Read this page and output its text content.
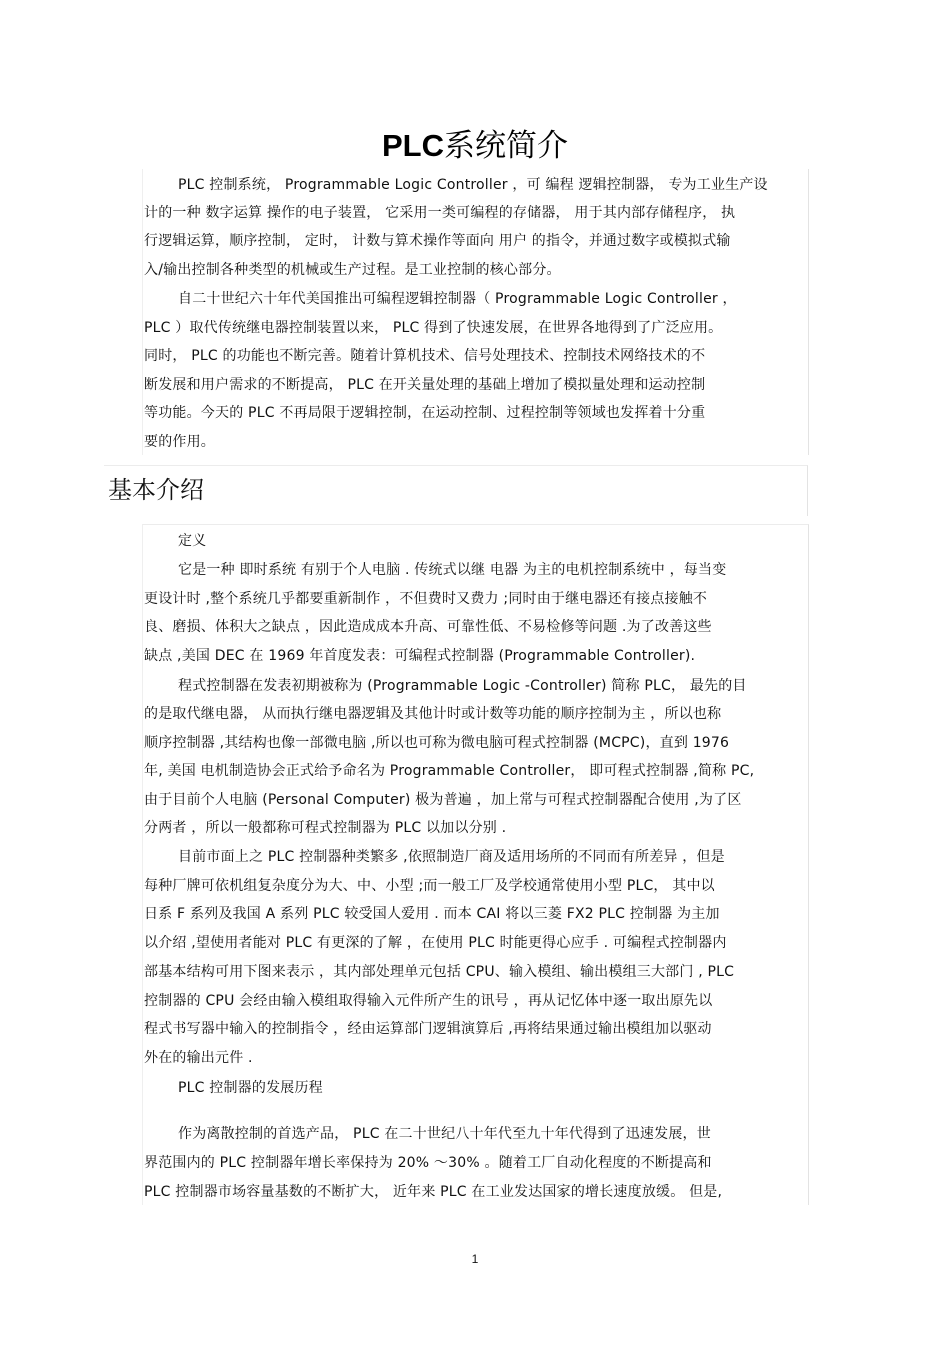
PLC系统简介
基本介绍
PLC 控制系统， Programmable Logic Controller ，可 编程 逻辑控制器， 专为工业生产设
计的一种 数字运算 操作的电子装置， 它采用一类可编程的存储器， 用于其内部存储程序， 执
行逻辑运算，顺序控制， 定时， 计数与算术操作等面向 用户 的指令，并通过数字或模拟式输
入/输出控制各种类型的机械或生产过程。是工业控制的核心部分。
自二十世纪六十年代美国推出可编程逻辑控制器（ Programmable Logic Controller ，
PLC ）取代传统继电器控制装置以来， PLC 得到了快速发展，在世界各地得到了广泛应用。
同时， PLC 的功能也不断完善。随着计算机技术、信号处理技术、控制技术网络技术的不
断发展和用户需求的不断提高， PLC 在开关量处理的基础上增加了模拟量处理和运动控制
等功能。今天的 PLC 不再局限于逻辑控制，在运动控制、过程控制等领域也发挥着十分重
要的作用。
定义
它是一种 即时系统 有别于个人电脑 . 传统式以继 电器 为主的电机控制系统中 ，每当变
更设计时 ,整个系统几乎都要重新制作 ，不但费时又费力 ;同时由于继电器还有接点接触不
良、磨损、体积大之缺点 ，因此造成成本升高、可靠性低、不易检修等问题 .为了改善这些
缺点 ,美国 DEC 在 1969 年首度发表：可编程式控制器 (Programmable Controller).
程式控制器在发表初期被称为 (Programmable Logic -Controller) 简称 PLC， 最先的目
的是取代继电器， 从而执行继电器逻辑及其他计时或计数等功能的顺序控制为主 ，所以也称
顺序控制器 ,其结构也像一部微电脑 ,所以也可称为微电脑可程式控制器 (MCPC)，直到 1976
年, 美国 电机制造协会正式给予命名为 Programmable Controller， 即可程式控制器 ,简称 PC,
由于目前个人电脑 (Personal Computer) 极为普遍 ，加上常与可程式控制器配合使用 ,为了区
分两者 ，所以一般都称可程式控制器为 PLC 以加以分别 .
目前市面上之 PLC 控制器种类繁多 ,依照制造厂商及适用场所的不同而有所差异 ，但是
每种厂牌可依机组复杂度分为大、中、小型 ;而一般工厂及学校通常使用小型 PLC， 其中以
日系 F 系列及我国 A 系列 PLC 较受国人爱用 . 而本 CAI 将以三菱 FX2 PLC 控制器 为主加
以介绍 ,望使用者能对 PLC 有更深的了解 ，在使用 PLC 时能更得心应手 . 可编程式控制器内
部基本结构可用下图来表示 ，其内部处理单元包括 CPU、输入模组、输出模组三大部门 , PLC
控制器的 CPU 会经由输入模组取得输入元件所产生的讯号 ，再从记忆体中逐一取出原先以
程式书写器中输入的控制指令 ，经由运算部门逻辑演算后 ,再将结果通过输出模组加以驱动
外在的输出元件 .
PLC 控制器的发展历程
作为离散控制的首选产品， PLC 在二十世纪八十年代至九十年代得到了迅速发展，世
界范围内的 PLC 控制器年增长率保持为 20% ～30% 。随着工厂自动化程度的不断提高和
PLC 控制器市场容量基数的不断扩大， 近年来 PLC 在工业发达国家的增长速度放缓。 但是,
1
